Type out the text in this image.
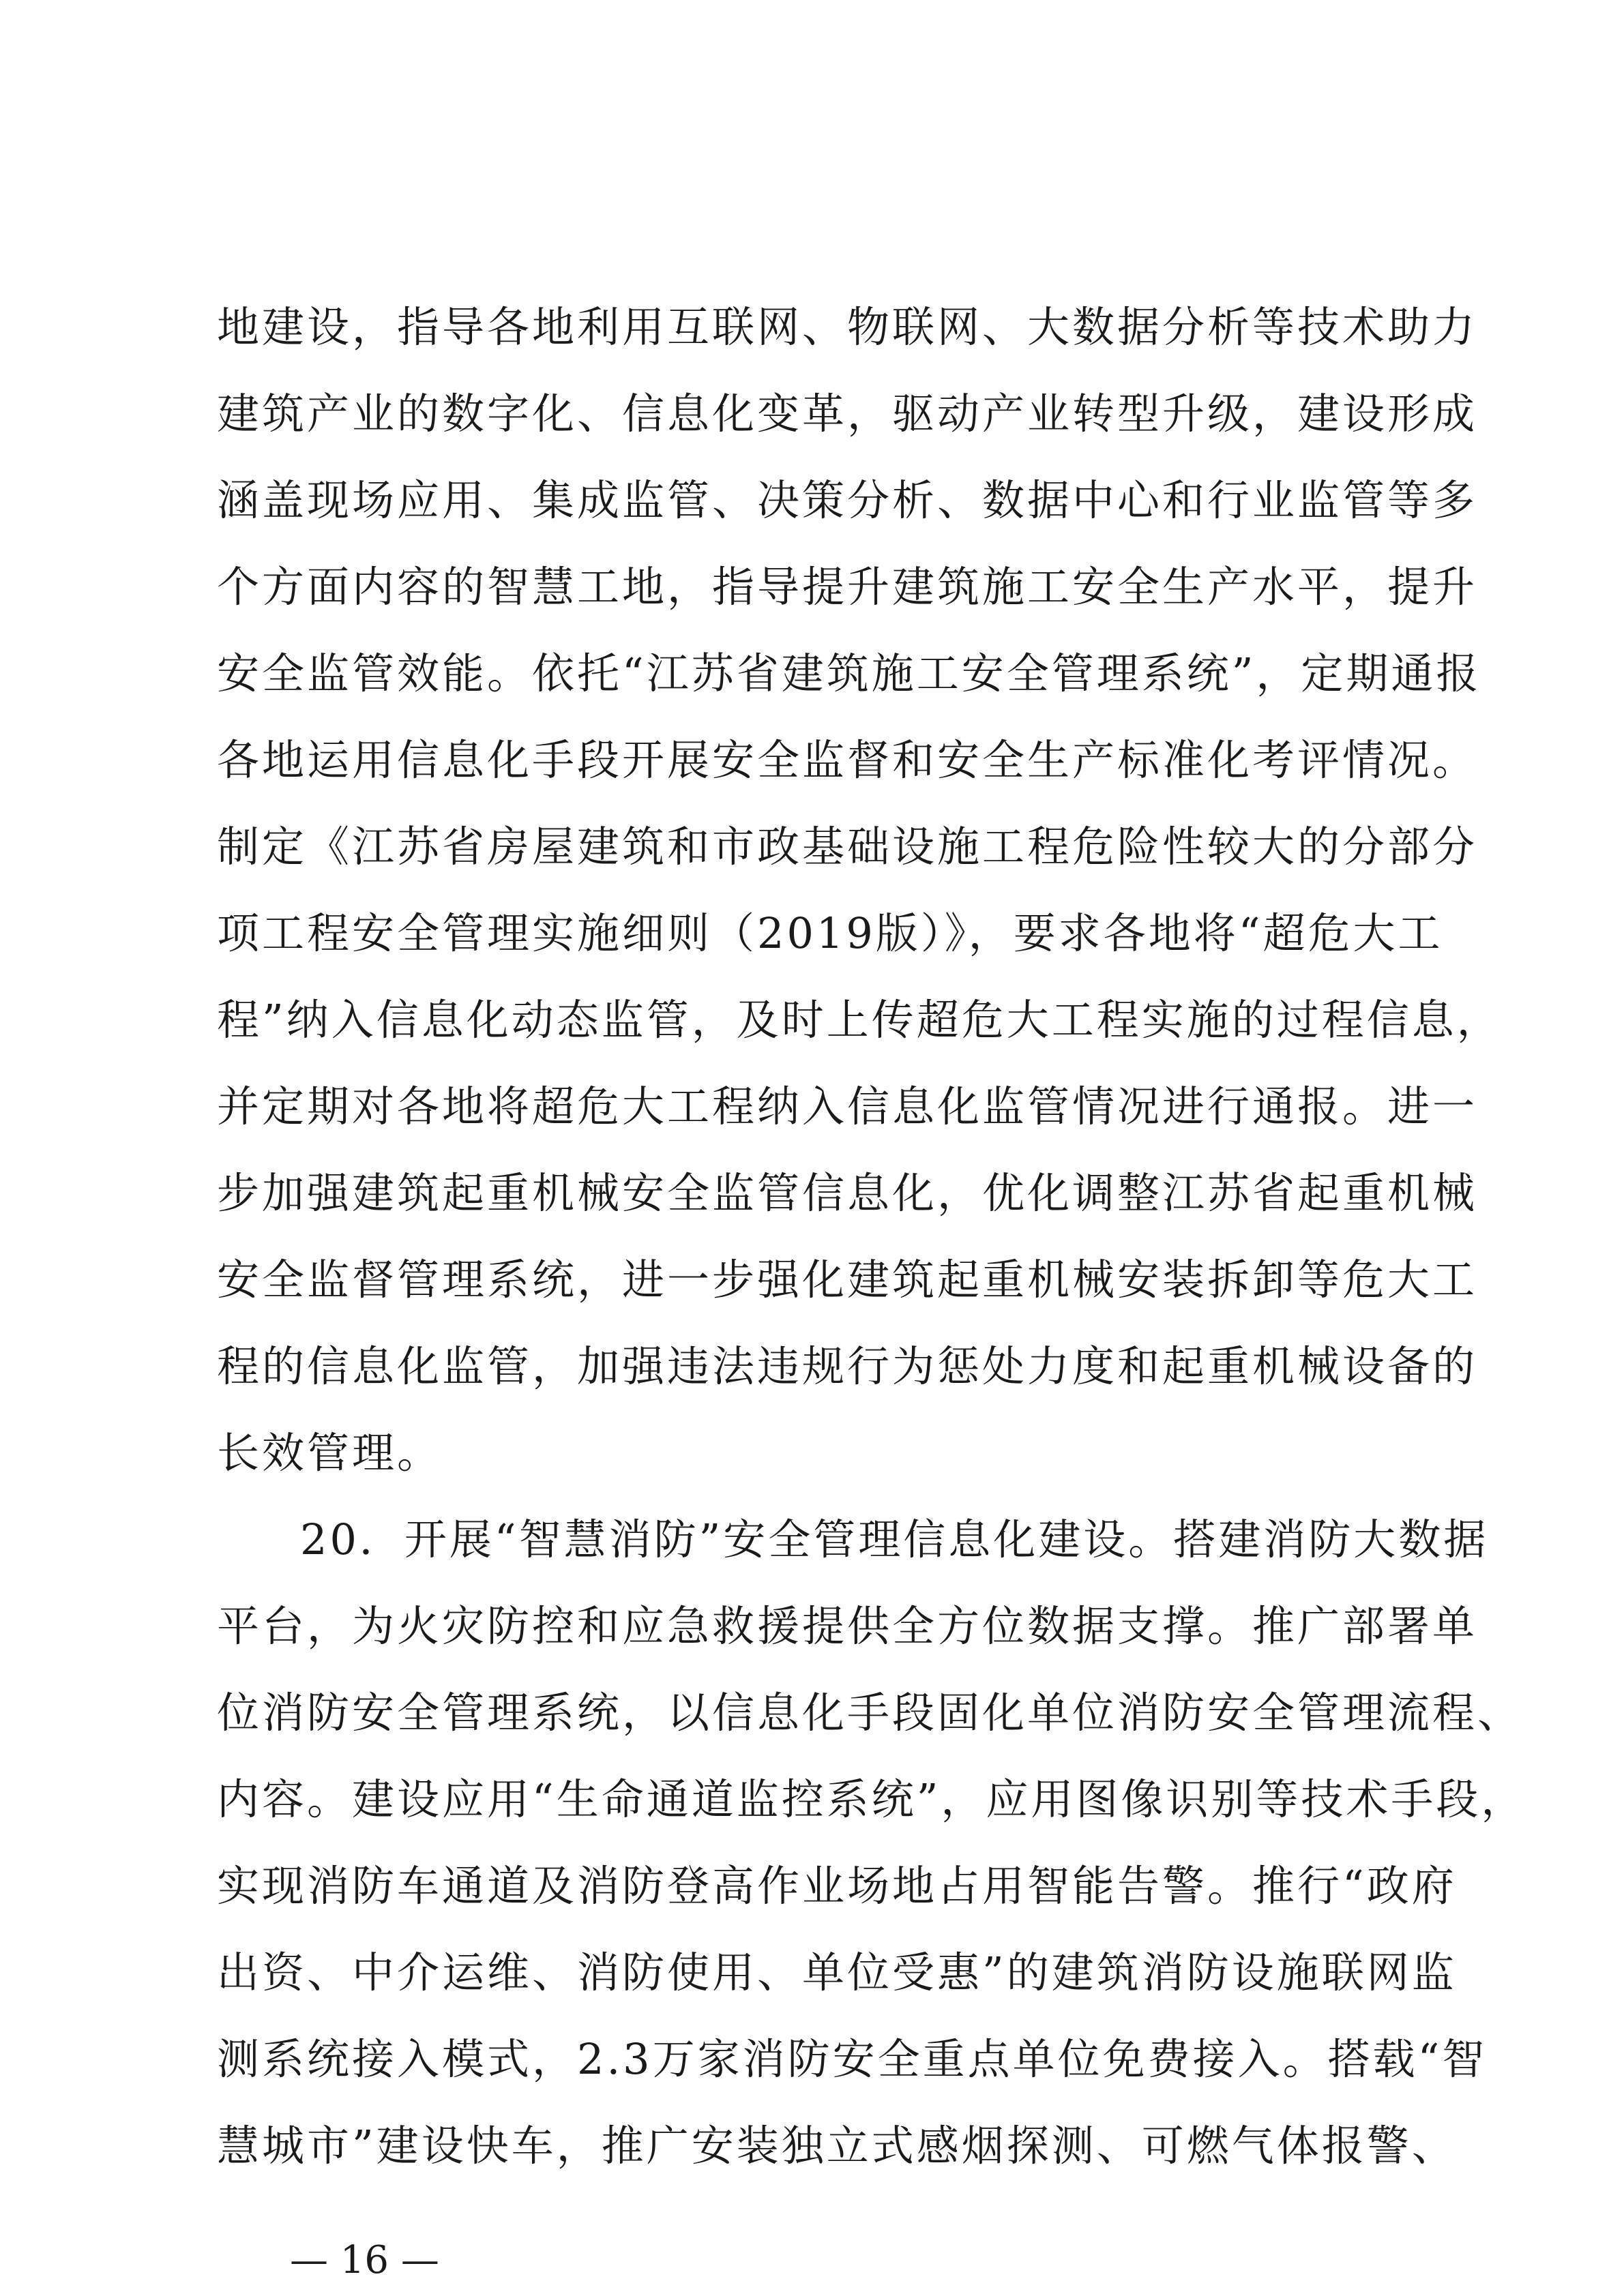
地建设，指导各地利用互联网、物联网、大数据分析等技术助力
建筑产业的数字化、信息化变革，驱动产业转型升级，建设形成
涵盖现场应用、集成监管、决策分析、数据中心和行业监管等多
个方面内容的智慧工地，指导提升建筑施工安全生产水平，提升
安全监管效能。依托“江苏省建筑施工安全管理系统”，定期通报
各地运用信息化手段开展安全监督和安全生产标准化考评情况。
制定《江苏省房屋建筑和市政基础设施工程危险性较大的分部分
项工程安全管理实施细则（2019版）》，要求各地将“超危大工
程”纳入信息化动态监管，及时上传超危大工程实施的过程信息，
并定期对各地将超危大工程纳入信息化监管情况进行通报。进一
步加强建筑起重机械安全监管信息化，优化调整江苏省起重机械
安全监督管理系统，进一步强化建筑起重机械安装拆卸等危大工
程的信息化监管，加强违法违规行为惩处力度和起重机械设备的
长效管理。
20．开展“智慧消防”安全管理信息化建设。搭建消防大数据
平台，为火灾防控和应急救援提供全方位数据支撑。推广部署单
位消防安全管理系统，以信息化手段固化单位消防安全管理流程、
内容。建设应用“生命通道监控系统”，应用图像识别等技术手段，
实现消防车通道及消防登高作业场地占用智能告警。推行“政府
出资、中介运维、消防使用、单位受惠”的建筑消防设施联网监
测系统接入模式，2.3万家消防安全重点单位免费接入。搭载“智
慧城市”建设快车，推广安装独立式感烟探测、可燃气体报警、
— 16 —
